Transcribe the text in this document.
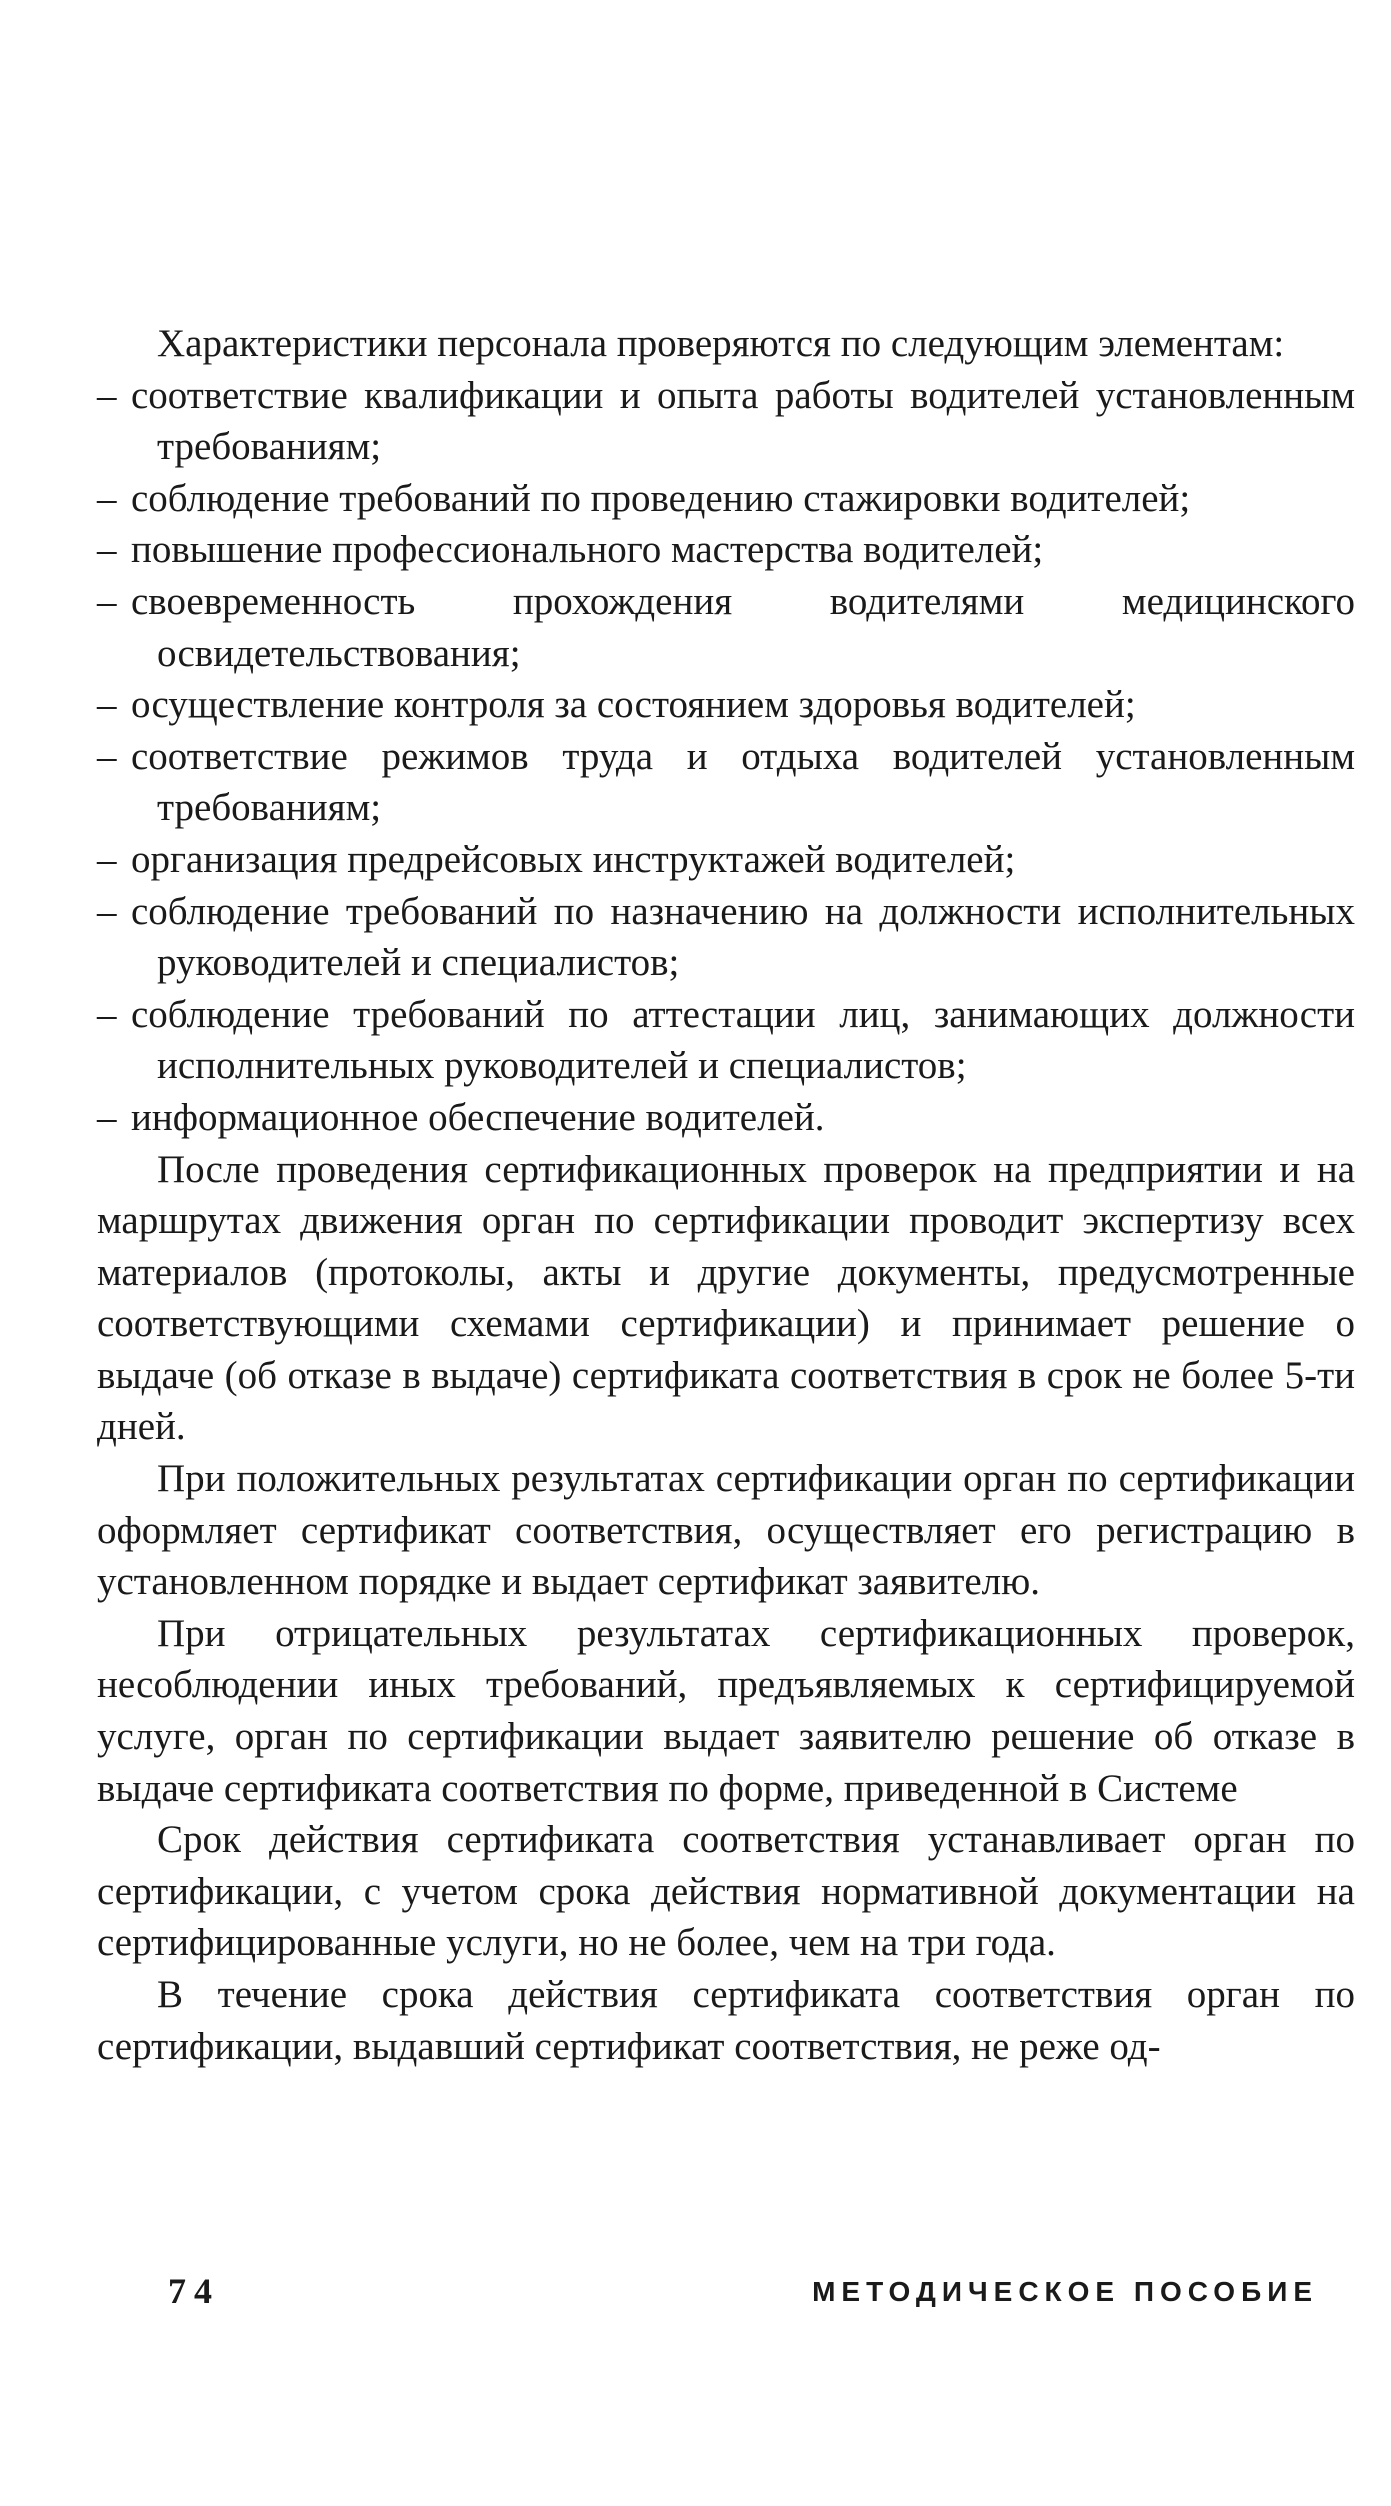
Характеристики персонала проверяются по следующим элементам:

– соответствие квалификации и опыта работы водителей установленным требованиям;
– соблюдение требований по проведению стажировки водителей;
– повышение профессионального мастерства водителей;
– своевременность прохождения водителями медицинского освидетельствования;
– осуществление контроля за состоянием здоровья водителей;
– соответствие режимов труда и отдыха водителей установленным требованиям;
– организация предрейсовых инструктажей водителей;
– соблюдение требований по назначению на должности исполнительных руководителей и специалистов;
– соблюдение требований по аттестации лиц, занимающих должности исполнительных руководителей и специалистов;
– информационное обеспечение водителей.

После проведения сертификационных проверок на предприятии и на маршрутах движения орган по сертификации проводит экспертизу всех материалов (протоколы, акты и другие документы, предусмотренные соответствующими схемами сертификации) и принимает решение о выдаче (об отказе в выдаче) сертификата соответствия в срок не более 5-ти дней.

При положительных результатах сертификации орган по сертификации оформляет сертификат соответствия, осуществляет его регистрацию в установленном порядке и выдает сертификат заявителю.

При отрицательных результатах сертификационных проверок, несоблюдении иных требований, предъявляемых к сертифицируемой услуге, орган по сертификации выдает заявителю решение об отказе в выдаче сертификата соответствия по форме, приведенной в Системе

Срок действия сертификата соответствия устанавливает орган по сертификации, с учетом срока действия нормативной документации на сертифицированные услуги, но не более, чем на три года.

В течение срока действия сертификата соответствия орган по сертификации, выдавший сертификат соответствия, не реже од-

74	МЕТОДИЧЕСКОЕ ПОСОБИЕ
